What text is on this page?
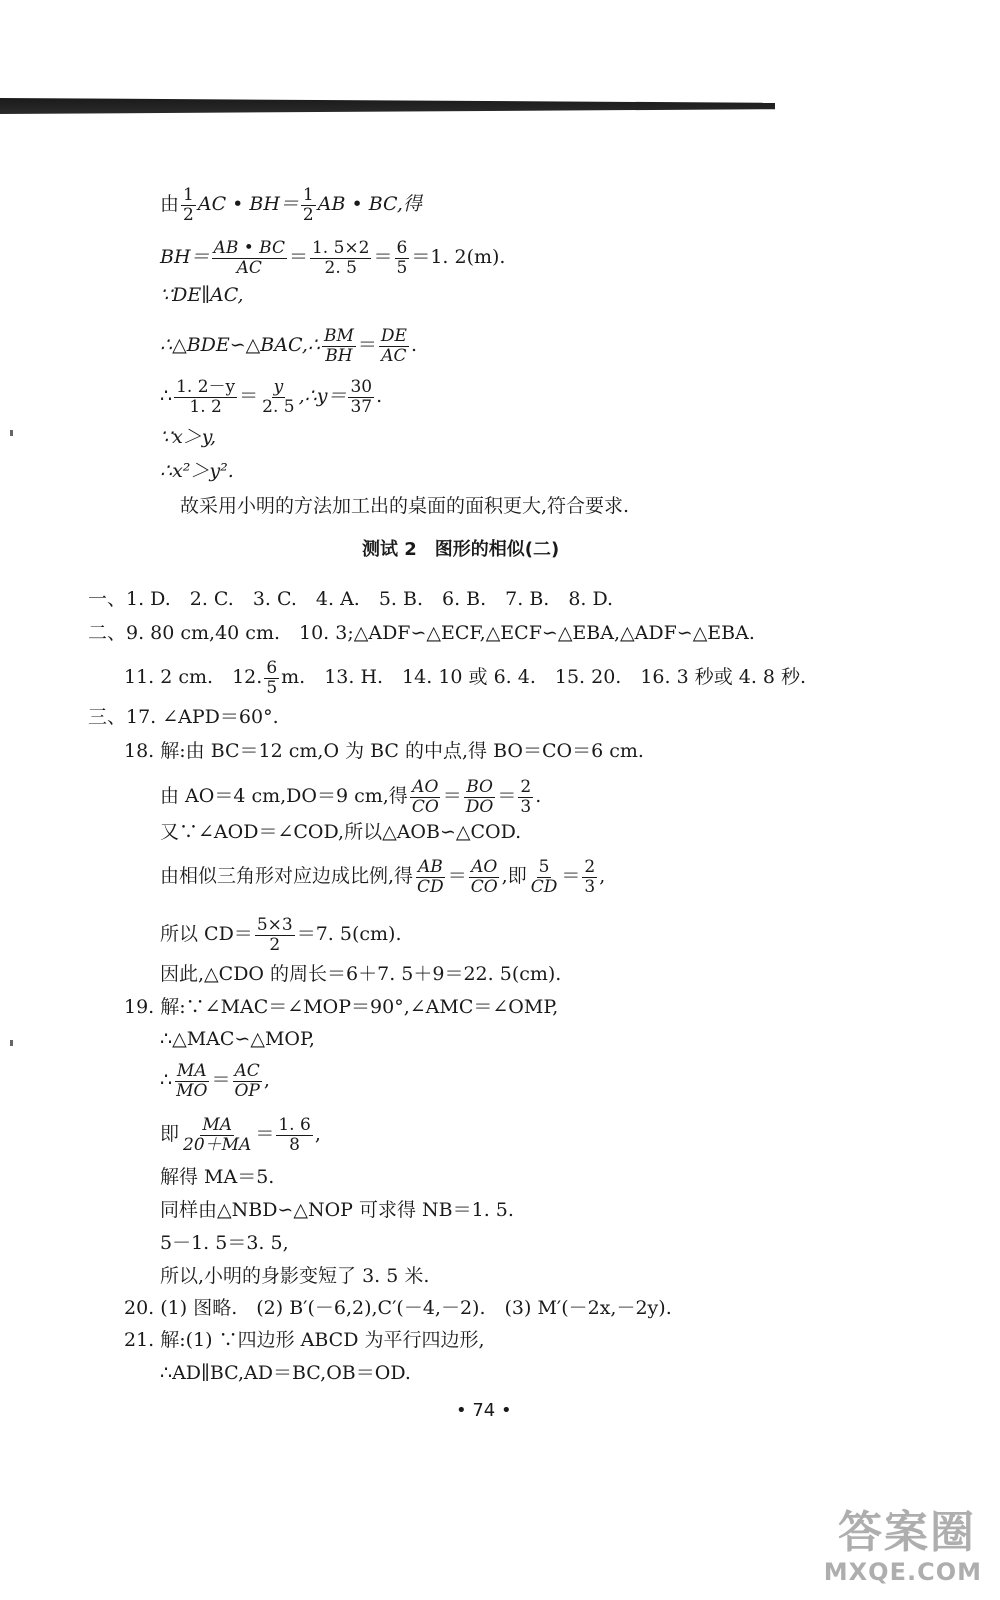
由 $\frac{1}{2}$ AC • $BH= \frac{1}{2}$ AB • BC,得
$BH= \frac{AB • BC}{AC} = \frac{1. 5\times 2}{2. 5} = \frac{6}{5} =1$. 2(m).
∵DE∥AC,
∴△BDE∽△BAC,∴ $\frac{BM}{BH} = \frac{DE}{AC}$ .
∴ $\frac{1. 2-y}{1. 2} = \frac{y}{2. 5}$ ,∴y＝ $\frac{30}{37}$ .
∵x＞y,
∴x²＞y².
故采用小明的方法加工出的桌面的面积更大,符合要求.
测试 2　图形的相似(二)
一、1. D.　2. C.　3. C.　4. A.　5. B.　6. B.　7. B.　8. D.
二、9. 80 cm,40 cm.　10. 3;△ADF∽△ECF,△ECF∽△EBA,△ADF∽△EBA.
11. 2 cm.　12. $\frac{6}{5} m$.　13. H.　14. 10 或 6. 4.　15. 20.　16. 3 秒或 4. 8 秒.
三、17. ∠APD＝60°.
18. 解:由 BC＝12 cm,O 为 BC 的中点,得 BO＝CO＝6 cm.
由 AO＝4 cm,DO＝9 cm,得 $\frac{AO}{CO} = \frac{BO}{DO} = \frac{2}{3}$ .
又∵∠AOD＝∠COD,所以△AOB∽△COD.
由相似三角形对应边成比例,得 $\frac{AB}{CD} = \frac{AO}{CO}$ ,即 $\frac{5}{CD} = \frac{2}{3}$ ,
所以 $CD= \frac{5\times 3}{2} =7$. 5(cm).
因此,△CDO 的周长＝6＋7. 5＋9＝22. 5(cm).
19. 解:∵∠MAC＝∠MOP＝90°,∠AMC＝∠OMP,
∴△MAC∽△MOP,
∴ $\frac{MA}{MO} = \frac{AC}{OP}$ ,
即 $\frac{MA}{20+MA} = \frac{1. 6}{8}$ ,
解得 MA＝5.
同样由△NBD∽△NOP 可求得 NB＝1. 5.
5－1. 5＝3. 5,
所以,小明的身影变短了 3. 5 米.
20. (1) 图略.　(2) B′(－6,2),C′(－4,－2).　(3) M′(－2x,－2y).
21. 解:(1) ∵四边形 ABCD 为平行四边形,
∴AD∥BC,AD＝BC,OB＝OD.
• 74 •
答案圈
MXQE.COM
